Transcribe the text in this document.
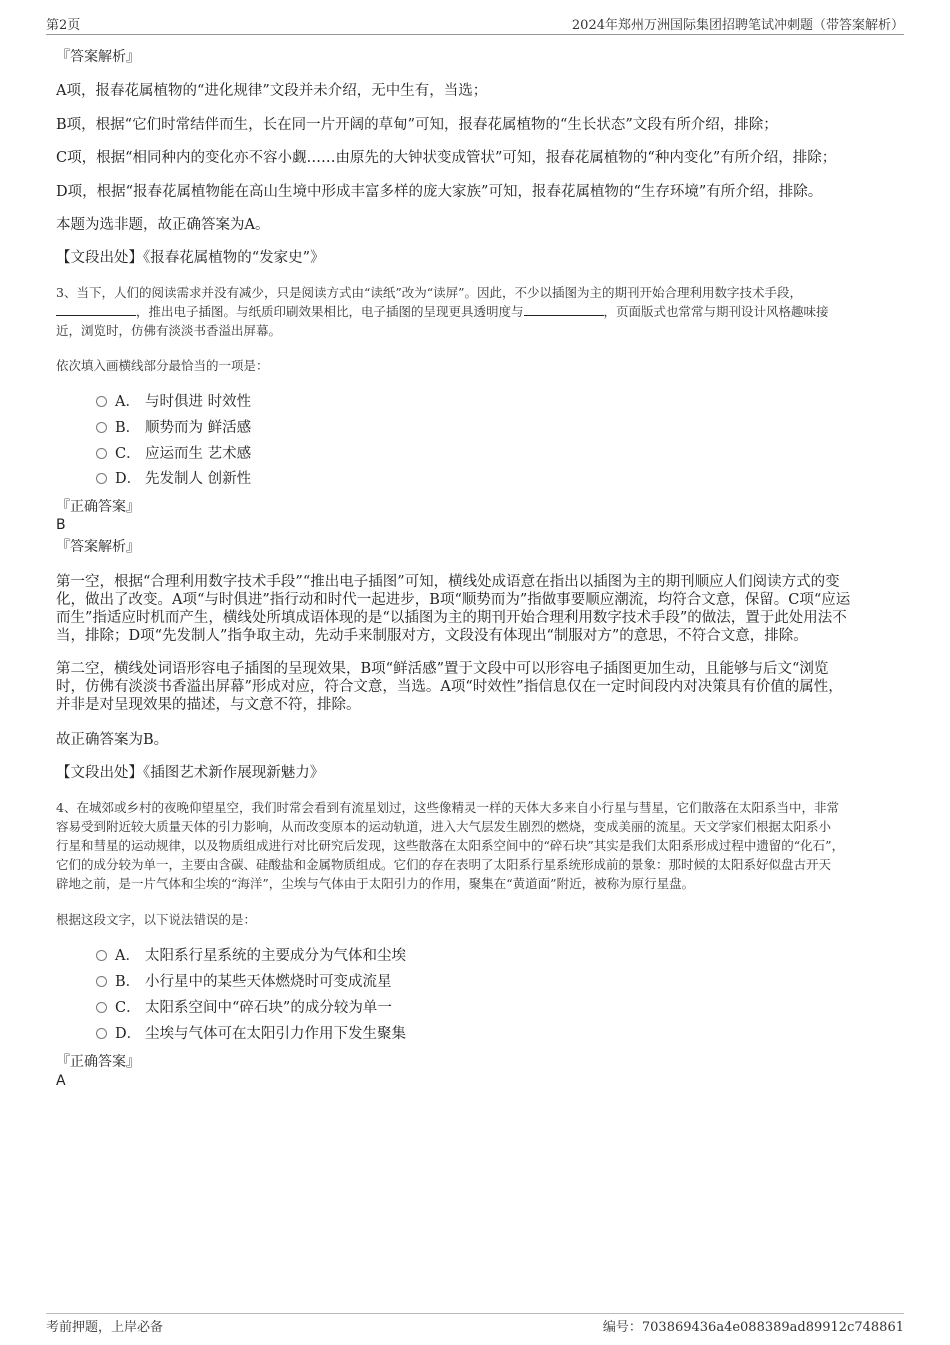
第2页	2024年郑州万洲国际集团招聘笔试冲刺题（带答案解析）
『答案解析』
A项，报春花属植物的“进化规律”文段并未介绍，无中生有，当选；
B项，根据“它们时常结伴而生，长在同一片开阔的草甸”可知，报春花属植物的“生长状态”文段有所介绍，排除；
C项，根据“相同种内的变化亦不容小觑……由原先的大钟状变成管状”可知，报春花属植物的“种内变化”有所介绍，排除；
D项，根据“报春花属植物能在高山生境中形成丰富多样的庞大家族”可知，报春花属植物的“生存环境”有所介绍，排除。
本题为选非题，故正确答案为A。
【文段出处】《报春花属植物的“发家史”》
3、当下，人们的阅读需求并没有减少，只是阅读方式由“读纸”改为“读屏”。因此，不少以插图为主的期刊开始合理利用数字技术手段，
，推出电子插图。与纸质印刷效果相比，电子插图的呈现更具透明度与	，页面版式也常常与期刊设计风格趣味接
近，浏览时，仿佛有淡淡书香溢出屏幕。
依次填入画横线部分最恰当的一项是：
A． 与时俱进 时效性
B． 顺势而为 鲜活感
C． 应运而生 艺术感
D． 先发制人 创新性
『正确答案』
B
『答案解析』
第一空，根据“合理利用数字技术手段”“推出电子插图”可知，横线处成语意在指出以插图为主的期刊顺应人们阅读方式的变
化，做出了改变。A项“与时俱进”指行动和时代一起进步，B项“顺势而为”指做事要顺应潮流，均符合文意，保留。C项“应运
而生”指适应时机而产生，横线处所填成语体现的是“以插图为主的期刊开始合理利用数字技术手段”的做法，置于此处用法不
当，排除；D项“先发制人”指争取主动，先动手来制服对方，文段没有体现出“制服对方”的意思，不符合文意，排除。
第二空，横线处词语形容电子插图的呈现效果，B项“鲜活感”置于文段中可以形容电子插图更加生动，且能够与后文“浏览
时，仿佛有淡淡书香溢出屏幕”形成对应，符合文意，当选。A项“时效性”指信息仅在一定时间段内对决策具有价值的属性，
并非是对呈现效果的描述，与文意不符，排除。
故正确答案为B。
【文段出处】《插图艺术新作展现新魅力》
4、在城郊或乡村的夜晚仰望星空，我们时常会看到有流星划过，这些像精灵一样的天体大多来自小行星与彗星，它们散落在太阳系当中，非常
容易受到附近较大质量天体的引力影响，从而改变原本的运动轨道，进入大气层发生剧烈的燃烧，变成美丽的流星。天文学家们根据太阳系小
行星和彗星的运动规律，以及物质组成进行对比研究后发现，这些散落在太阳系空间中的“碎石块”其实是我们太阳系形成过程中遗留的“化石”，
它们的成分较为单一，主要由含碳、硅酸盐和金属物质组成。它们的存在表明了太阳系行星系统形成前的景象：那时候的太阳系好似盘古开天
辟地之前，是一片气体和尘埃的“海洋”，尘埃与气体由于太阳引力的作用，聚集在“黄道面”附近，被称为原行星盘。
根据这段文字，以下说法错误的是：
A． 太阳系行星系统的主要成分为气体和尘埃
B． 小行星中的某些天体燃烧时可变成流星
C． 太阳系空间中“碎石块”的成分较为单一
D． 尘埃与气体可在太阳引力作用下发生聚集
『正确答案』
A
考前押题，上岸必备	编号：703869436a4e088389ad89912c748861
